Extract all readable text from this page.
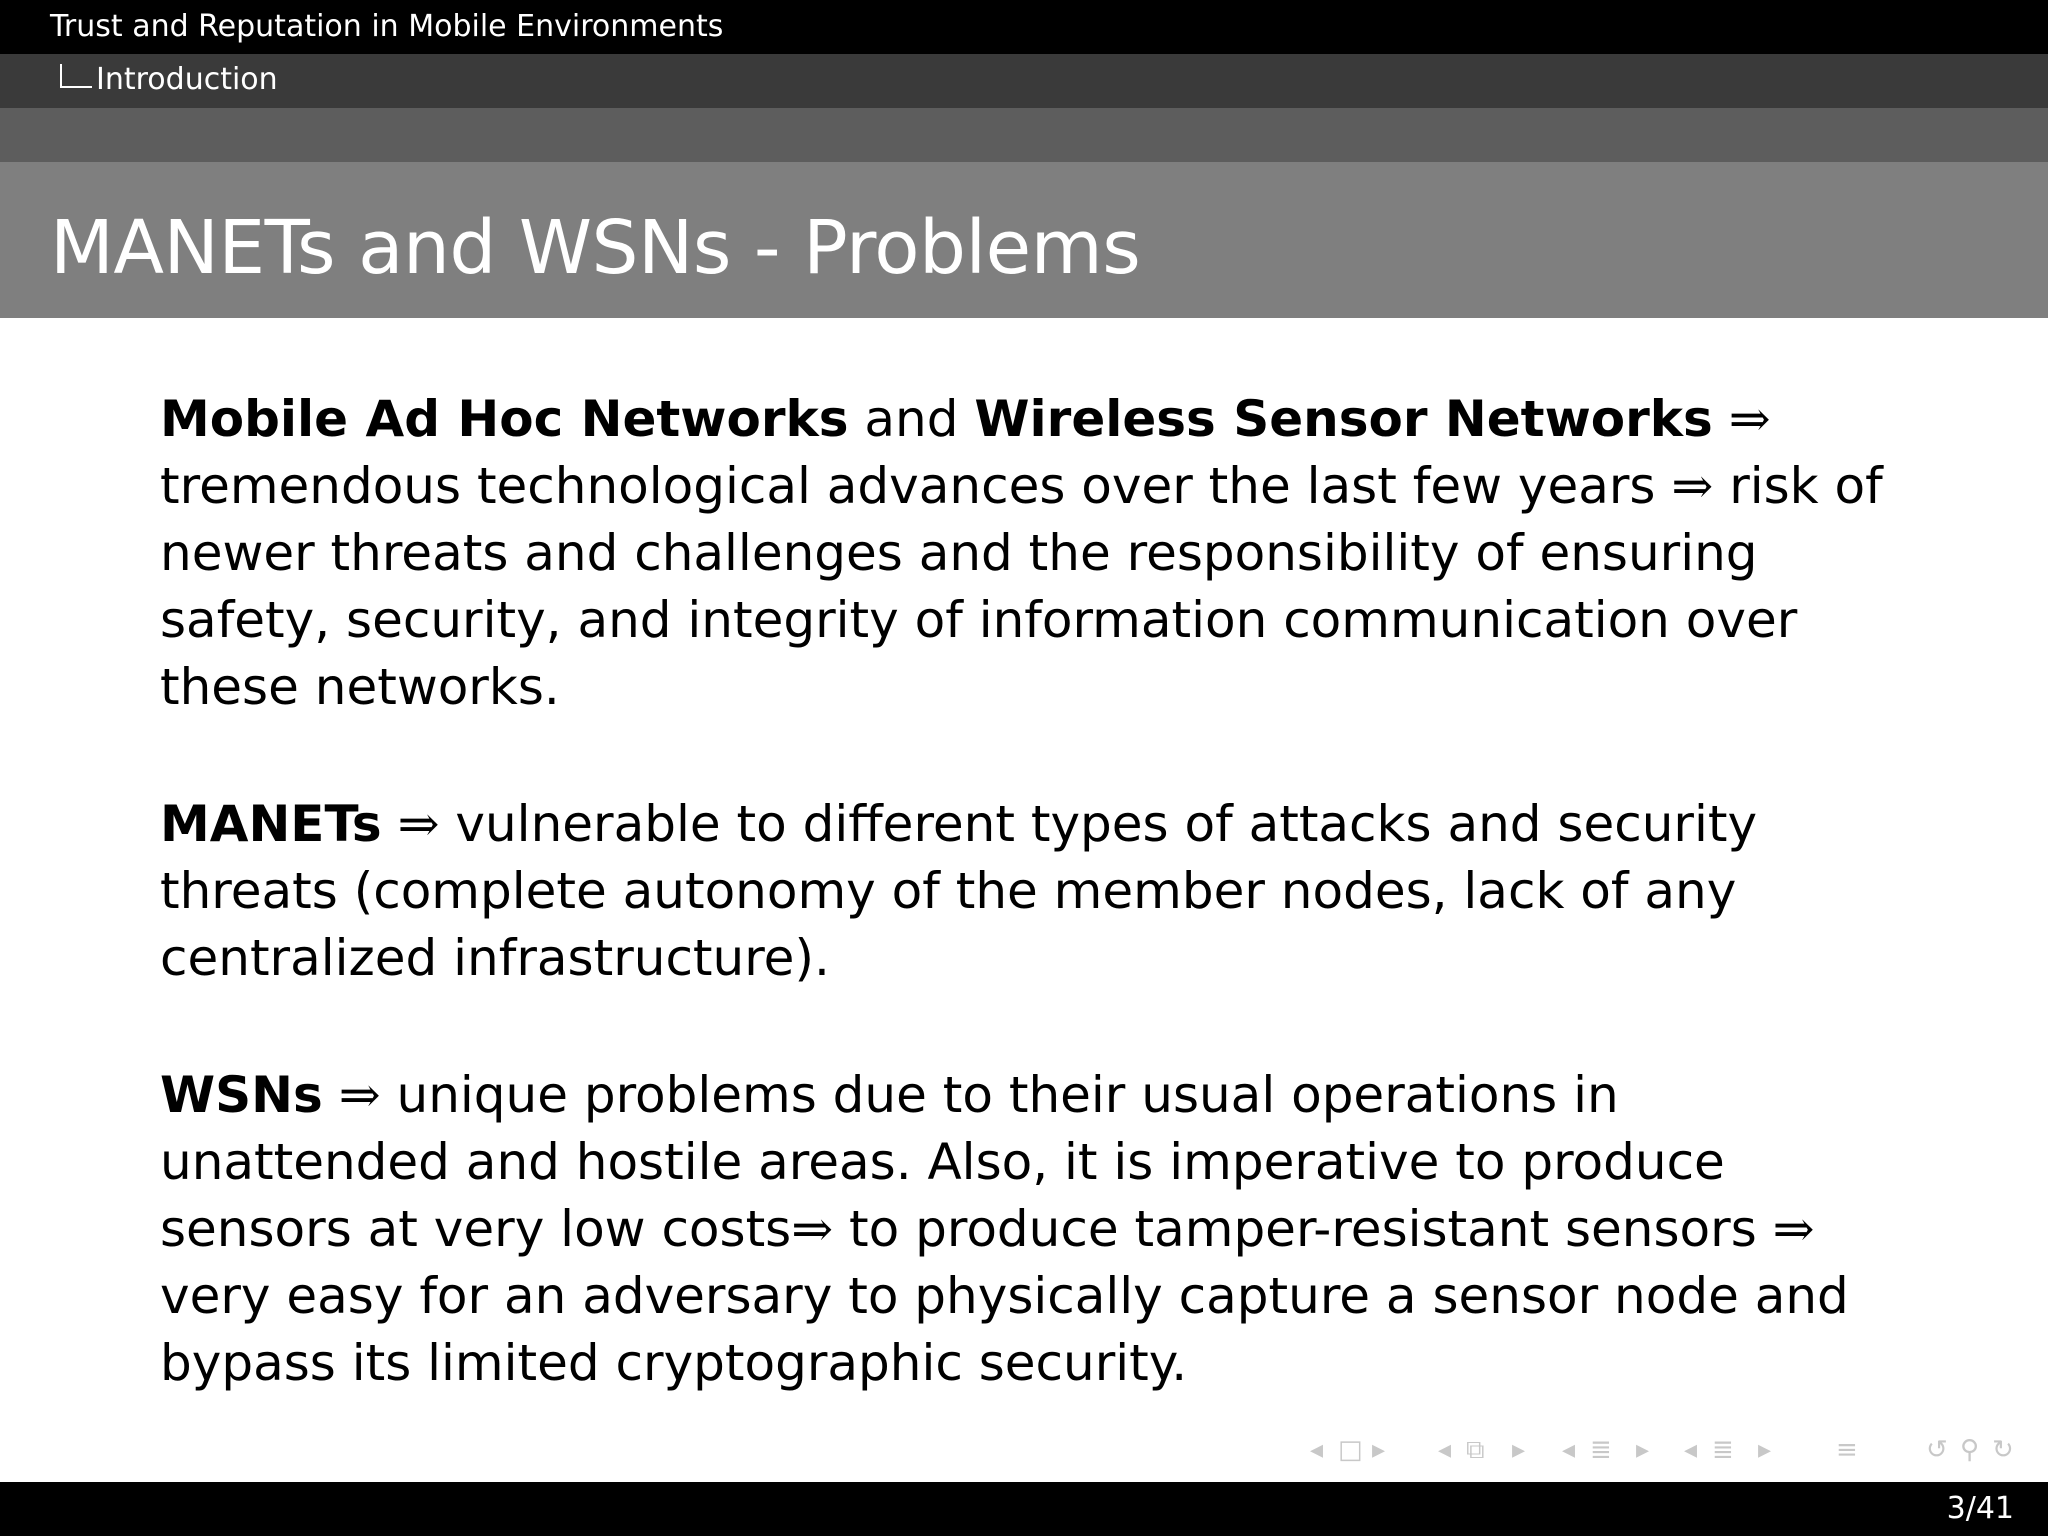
Trust and Reputation in Mobile Environments
Introduction
MANETs and WSNs - Problems

Mobile Ad Hoc Networks and Wireless Sensor Networks ⇒ tremendous technological advances over the last few years ⇒ risk of newer threats and challenges and the responsibility of ensuring safety, security, and integrity of information communication over these networks.

MANETs ⇒ vulnerable to different types of attacks and security threats (complete autonomy of the member nodes, lack of any centralized infrastructure).

WSNs ⇒ unique problems due to their usual operations in unattended and hostile areas. Also, it is imperative to produce sensors at very low costs⇒ to produce tamper-resistant sensors ⇒ very easy for an adversary to physically capture a sensor node and bypass its limited cryptographic security.

◂ □ ▸ ◂ ⧉ ▸ ◂ ≣ ▸ ◂ ≣ ▸ ≡	↺ ⚲ ↻
3/41
